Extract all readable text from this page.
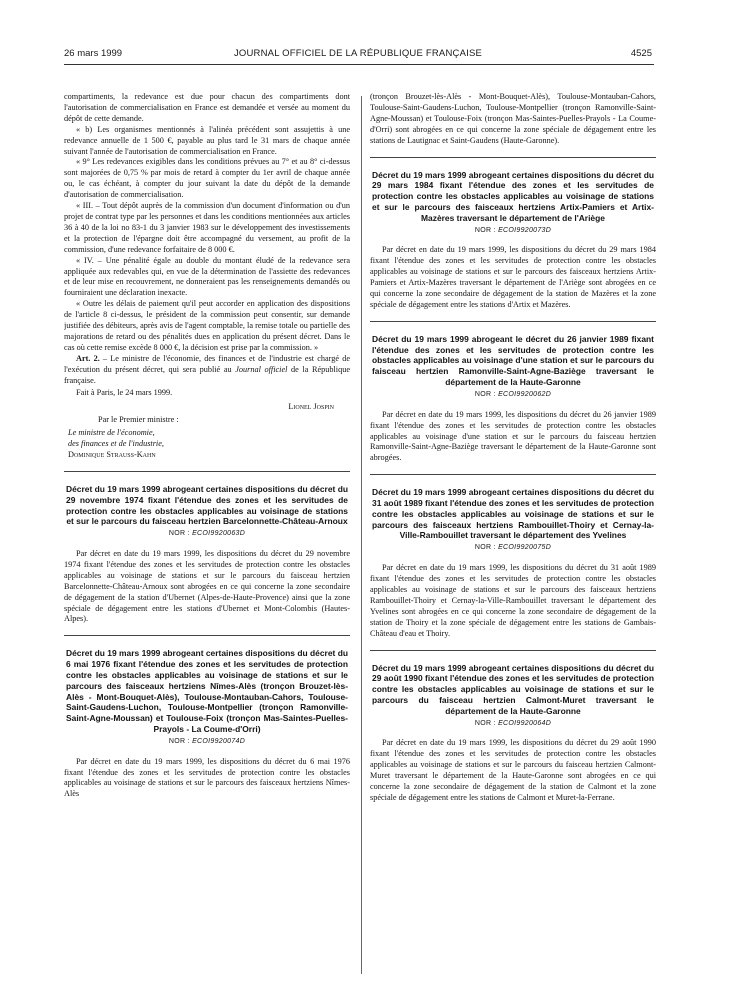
26 mars 1999	JOURNAL OFFICIEL DE LA RÉPUBLIQUE FRANÇAISE	4525

compartiments, la redevance est due pour chacun des compartiments dont l'autorisation de commercialisation en France est demandée et versée au moment du dépôt de cette demande.

« b) Les organismes mentionnés à l'alinéa précédent sont assujettis à une redevance annuelle de 1 500 €, payable au plus tard le 31 mars de chaque année suivant l'année de l'autorisation de commercialisation en France.

« 9° Les redevances exigibles dans les conditions prévues au 7° et au 8° ci-dessus sont majorées de 0,75 % par mois de retard à compter du 1er avril de chaque année ou, le cas échéant, à compter du jour suivant la date du dépôt de la demande d'autorisation de commercialisation.

« III. – Tout dépôt auprès de la commission d'un document d'information ou d'un projet de contrat type par les personnes et dans les conditions mentionnées aux articles 36 à 40 de la loi no 83-1 du 3 janvier 1983 sur le développement des investissements et la protection de l'épargne doit être accompagné du versement, au profit de la commission, d'une redevance forfaitaire de 8 000 €.

« IV. – Une pénalité égale au double du montant éludé de la redevance sera appliquée aux redevables qui, en vue de la détermination de l'assiette des redevances et de leur mise en recouvrement, ne donneraient pas les renseignements demandés ou fourniraient une déclaration inexacte.

« Outre les délais de paiement qu'il peut accorder en application des dispositions de l'article 8 ci-dessus, le président de la commission peut consentir, sur demande justifiée des débiteurs, après avis de l'agent comptable, la remise totale ou partielle des majorations de retard ou des pénalités dues en application du présent décret. Dans le cas où cette remise excède 8 000 €, la décision est prise par la commission. »

Art. 2. – Le ministre de l'économie, des finances et de l'industrie est chargé de l'exécution du présent décret, qui sera publié au Journal officiel de la République française.

Fait à Paris, le 24 mars 1999.

Lionel Jospin

Par le Premier ministre :

Le ministre de l'économie,

des finances et de l'industrie,

Dominique Strauss-Kahn

Décret du 19 mars 1999 abrogeant certaines dispositions du décret du 29 novembre 1974 fixant l'étendue des zones et les servitudes de protection contre les obstacles applicables au voisinage de stations et sur le parcours du faisceau hertzien Barcelonnette-Château-Arnoux

NOR : ECOI9920063D

Par décret en date du 19 mars 1999, les dispositions du décret du 29 novembre 1974 fixant l'étendue des zones et les servitudes de protection contre les obstacles applicables au voisinage de stations et sur le parcours du faisceau hertzien Barcelonnette-Château-Arnoux sont abrogées en ce qui concerne la zone secondaire de dégagement de la station d'Ubernet (Alpes-de-Haute-Provence) ainsi que la zone spéciale de dégagement entre les stations d'Ubernet et Mont-Colombis (Hautes-Alpes).

Décret du 19 mars 1999 abrogeant certaines dispositions du décret du 6 mai 1976 fixant l'étendue des zones et les servitudes de protection contre les obstacles applicables au voisinage de stations et sur le parcours des faisceaux hertziens Nîmes-Alès (tronçon Brouzet-lès-Alès - Mont-Bouquet-Alès), Toulouse-Montauban-Cahors, Toulouse-Saint-Gaudens-Luchon, Toulouse-Montpellier (tronçon Ramonville-Saint-Agne-Moussan) et Toulouse-Foix (tronçon Mas-Saintes-Puelles-Prayols - La Coume-d'Orri)

NOR : ECOI9920074D

Par décret en date du 19 mars 1999, les dispositions du décret du 6 mai 1976 fixant l'étendue des zones et les servitudes de protection contre les obstacles applicables au voisinage de stations et sur le parcours des faisceaux hertziens Nîmes-Alès

(tronçon Brouzet-lès-Alès - Mont-Bouquet-Alès), Toulouse-Montauban-Cahors, Toulouse-Saint-Gaudens-Luchon, Toulouse-Montpellier (tronçon Ramonville-Saint-Agne-Moussan) et Toulouse-Foix (tronçon Mas-Saintes-Puelles-Prayols - La Coume-d'Orri) sont abrogées en ce qui concerne la zone spéciale de dégagement entre les stations de Lautignac et Saint-Gaudens (Haute-Garonne).

Décret du 19 mars 1999 abrogeant certaines dispositions du décret du 29 mars 1984 fixant l'étendue des zones et les servitudes de protection contre les obstacles applicables au voisinage de stations et sur le parcours des faisceaux hertziens Artix-Pamiers et Artix-Mazères traversant le département de l'Ariège

NOR : ECOI9920073D

Par décret en date du 19 mars 1999, les dispositions du décret du 29 mars 1984 fixant l'étendue des zones et les servitudes de protection contre les obstacles applicables au voisinage de stations et sur le parcours des faisceaux hertziens Artix-Pamiers et Artix-Mazères traversant le département de l'Ariège sont abrogées en ce qui concerne la zone secondaire de dégagement de la station de Mazères et la zone spéciale de dégagement entre les stations d'Artix et Mazères.

Décret du 19 mars 1999 abrogeant le décret du 26 janvier 1989 fixant l'étendue des zones et les servitudes de protection contre les obstacles applicables au voisinage d'une station et sur le parcours du faisceau hertzien Ramonville-Saint-Agne-Baziège traversant le département de la Haute-Garonne

NOR : ECOI9920062D

Par décret en date du 19 mars 1999, les dispositions du décret du 26 janvier 1989 fixant l'étendue des zones et les servitudes de protection contre les obstacles applicables au voisinage d'une station et sur le parcours du faisceau hertzien Ramonville-Saint-Agne-Baziège traversant le département de la Haute-Garonne sont abrogées.

Décret du 19 mars 1999 abrogeant certaines dispositions du décret du 31 août 1989 fixant l'étendue des zones et les servitudes de protection contre les obstacles applicables au voisinage de stations et sur le parcours des faisceaux hertziens Rambouillet-Thoiry et Cernay-la-Ville-Rambouillet traversant le département des Yvelines

NOR : ECOI9920075D

Par décret en date du 19 mars 1999, les dispositions du décret du 31 août 1989 fixant l'étendue des zones et les servitudes de protection contre les obstacles applicables au voisinage de stations et sur le parcours des faisceaux hertziens Rambouillet-Thoiry et Cernay-la-Ville-Rambouillet traversant le département des Yvelines sont abrogées en ce qui concerne la zone secondaire de dégagement de la station de Thoiry et la zone spéciale de dégagement entre les stations de Gambais-Château d'eau et Thoiry.

Décret du 19 mars 1999 abrogeant certaines dispositions du décret du 29 août 1990 fixant l'étendue des zones et les servitudes de protection contre les obstacles applicables au voisinage de stations et sur le parcours du faisceau hertzien Calmont-Muret traversant le département de la Haute-Garonne

NOR : ECOI9920064D

Par décret en date du 19 mars 1999, les dispositions du décret du 29 août 1990 fixant l'étendue des zones et les servitudes de protection contre les obstacles applicables au voisinage de stations et sur le parcours du faisceau hertzien Calmont-Muret traversant le département de la Haute-Garonne sont abrogées en ce qui concerne la zone secondaire de dégagement de la station de Calmont et la zone spéciale de dégagement entre les stations de Calmont et Muret-la-Ferrane.
